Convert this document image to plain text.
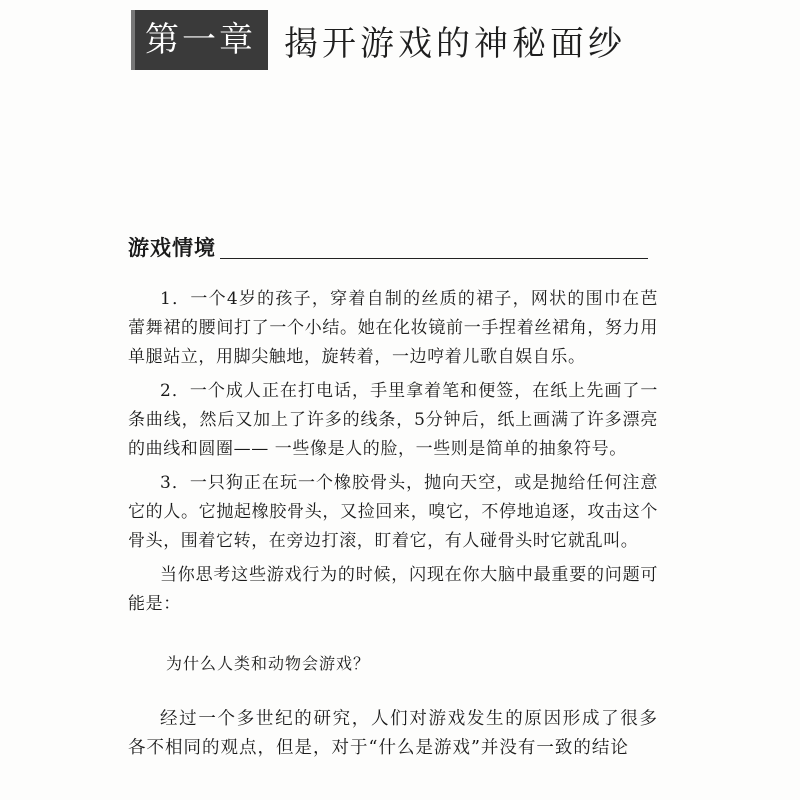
第一章 揭开游戏的神秘面纱
游戏情境

1．一个4岁的孩子，穿着自制的丝质的裙子，网状的围巾在芭蕾舞裙的腰间打了一个小结。她在化妆镜前一手捏着丝裙角，努力用单腿站立，用脚尖触地，旋转着，一边哼着儿歌自娱自乐。

2．一个成人正在打电话，手里拿着笔和便签，在纸上先画了一条曲线，然后又加上了许多的线条，5分钟后，纸上画满了许多漂亮的曲线和圆圈—— 一些像是人的脸，一些则是简单的抽象符号。

3．一只狗正在玩一个橡胶骨头，抛向天空，或是抛给任何注意它的人。它抛起橡胶骨头，又捡回来，嗅它，不停地追逐，攻击这个骨头，围着它转，在旁边打滚，盯着它，有人碰骨头时它就乱叫。

当你思考这些游戏行为的时候，闪现在你大脑中最重要的问题可能是：

为什么人类和动物会游戏？

经过一个多世纪的研究，人们对游戏发生的原因形成了很多各不相同的观点，但是，对于“什么是游戏”并没有一致的结论
